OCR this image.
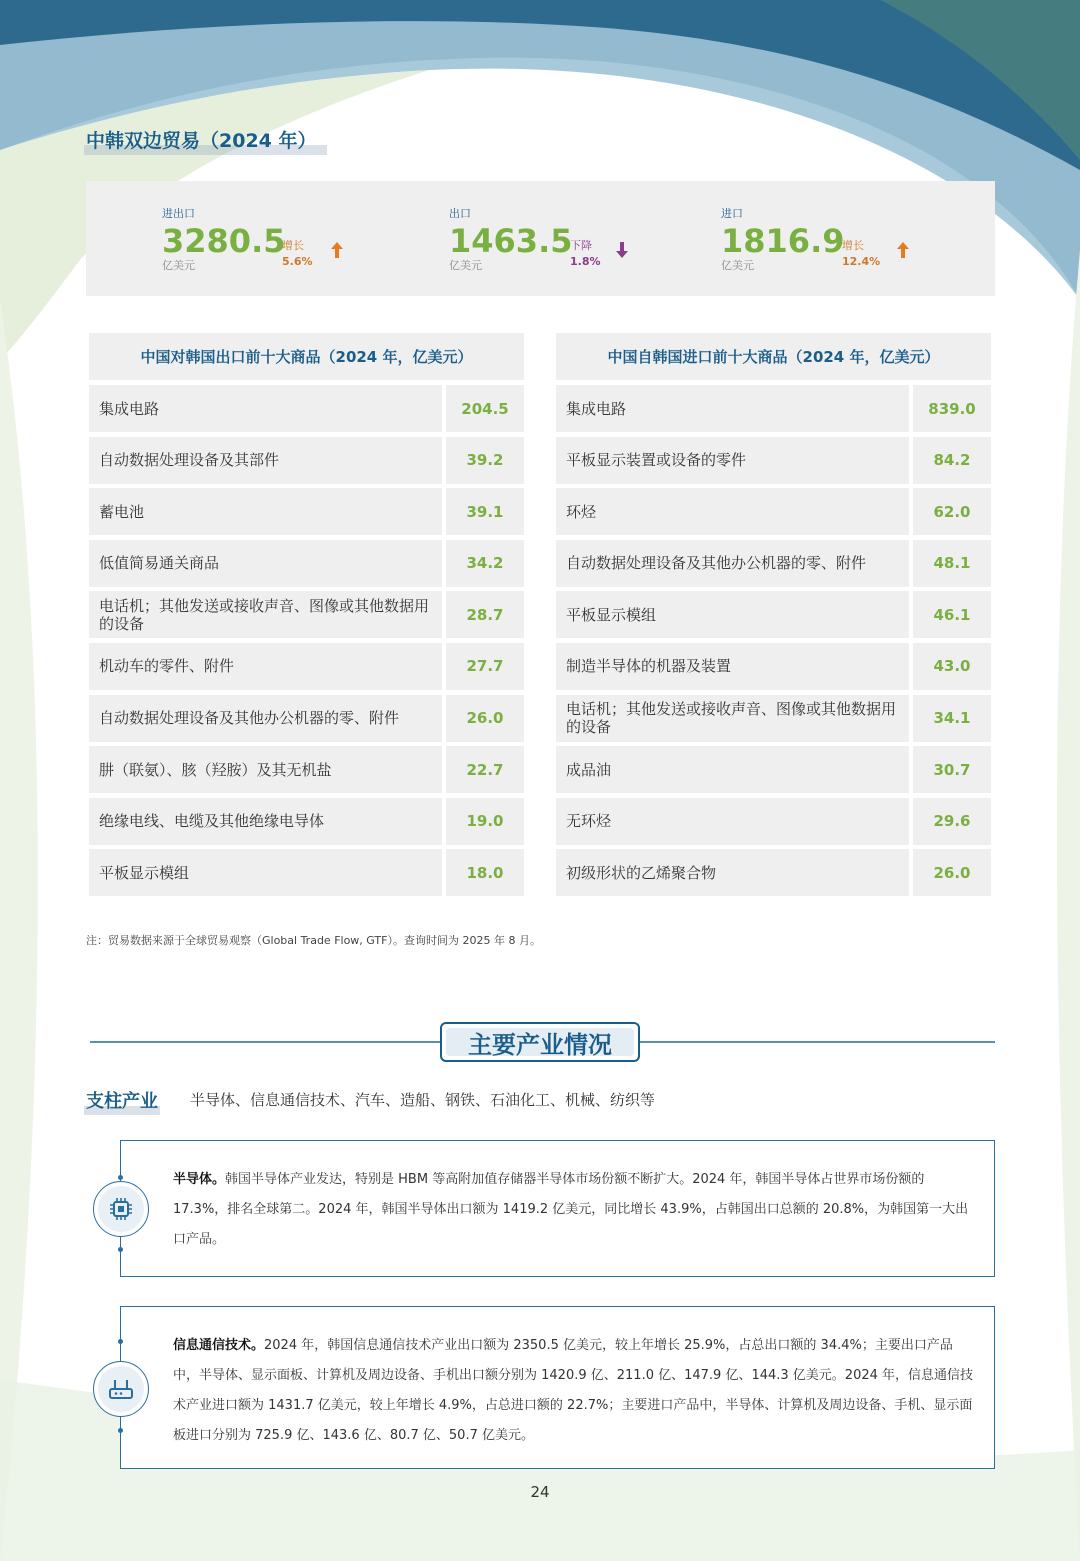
中韩双边贸易（2024 年）
进出口
3280.5
亿美元
增长
5.6%
出口
1463.5
亿美元
下降
1.8%
进口
1816.9
亿美元
增长
12.4%
中国对韩国出口前十大商品（2024 年，亿美元）
集成电路	204.5
自动数据处理设备及其部件	39.2
蓄电池	39.1
低值简易通关商品	34.2
电话机；其他发送或接收声音、图像或其他数据用的设备	28.7
机动车的零件、附件	27.7
自动数据处理设备及其他办公机器的零、附件	26.0
肼（联氨）、胲（羟胺）及其无机盐	22.7
绝缘电线、电缆及其他绝缘电导体	19.0
平板显示模组	18.0
中国自韩国进口前十大商品（2024 年，亿美元）
集成电路	839.0
平板显示装置或设备的零件	84.2
环烃	62.0
自动数据处理设备及其他办公机器的零、附件	48.1
平板显示模组	46.1
制造半导体的机器及装置	43.0
电话机；其他发送或接收声音、图像或其他数据用的设备	34.1
成品油	30.7
无环烃	29.6
初级形状的乙烯聚合物	26.0
注：贸易数据来源于全球贸易观察（Global Trade Flow, GTF）。查询时间为 2025 年 8 月。
主要产业情况
支柱产业 半导体、信息通信技术、汽车、造船、钢铁、石油化工、机械、纺织等
半导体。韩国半导体产业发达，特别是 HBM 等高附加值存储器半导体市场份额不断扩大。2024 年，韩国半导体占世界市场份额的 17.3%，排名全球第二。2024 年，韩国半导体出口额为 1419.2 亿美元，同比增长 43.9%，占韩国出口总额的 20.8%，为韩国第一大出口产品。
信息通信技术。2024 年，韩国信息通信技术产业出口额为 2350.5 亿美元，较上年增长 25.9%，占总出口额的 34.4%；主要出口产品中，半导体、显示面板、计算机及周边设备、手机出口额分别为 1420.9 亿、211.0 亿、147.9 亿、144.3 亿美元。2024 年，信息通信技术产业进口额为 1431.7 亿美元，较上年增长 4.9%，占总进口额的 22.7%；主要进口产品中，半导体、计算机及周边设备、手机、显示面板进口分别为 725.9 亿、143.6 亿、80.7 亿、50.7 亿美元。
24
